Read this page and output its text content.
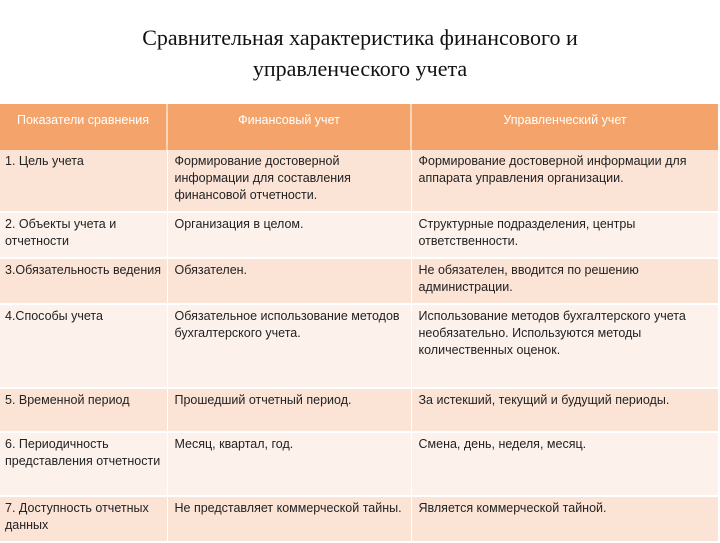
Сравнительная характеристика финансового и
управленческого учета
Показатели сравнения	Финансовый учет	Управленческий учет
1. Цель учета	Формирование достоверной информации для составления финансовой отчетности.	Формирование достоверной информации для аппарата управления организации.
2. Объекты учета и отчетности	Организация в целом.	Структурные подразделения, центры ответственности.
3.Обязательность ведения	Обязателен.	Не обязателен, вводится по решению администрации.
4.Способы учета	Обязательное использование методов бухгалтерского учета.	Использование методов бухгалтерского учета необязательно. Используются методы количественных оценок.
5. Временной период	Прошедший отчетный период.	За истекший, текущий и будущий периоды.
6. Периодичность представления отчетности	Месяц, квартал, год.	Смена, день, неделя, месяц.
7. Доступность отчетных данных	Не представляет коммерческой тайны.	Является коммерческой тайной.
